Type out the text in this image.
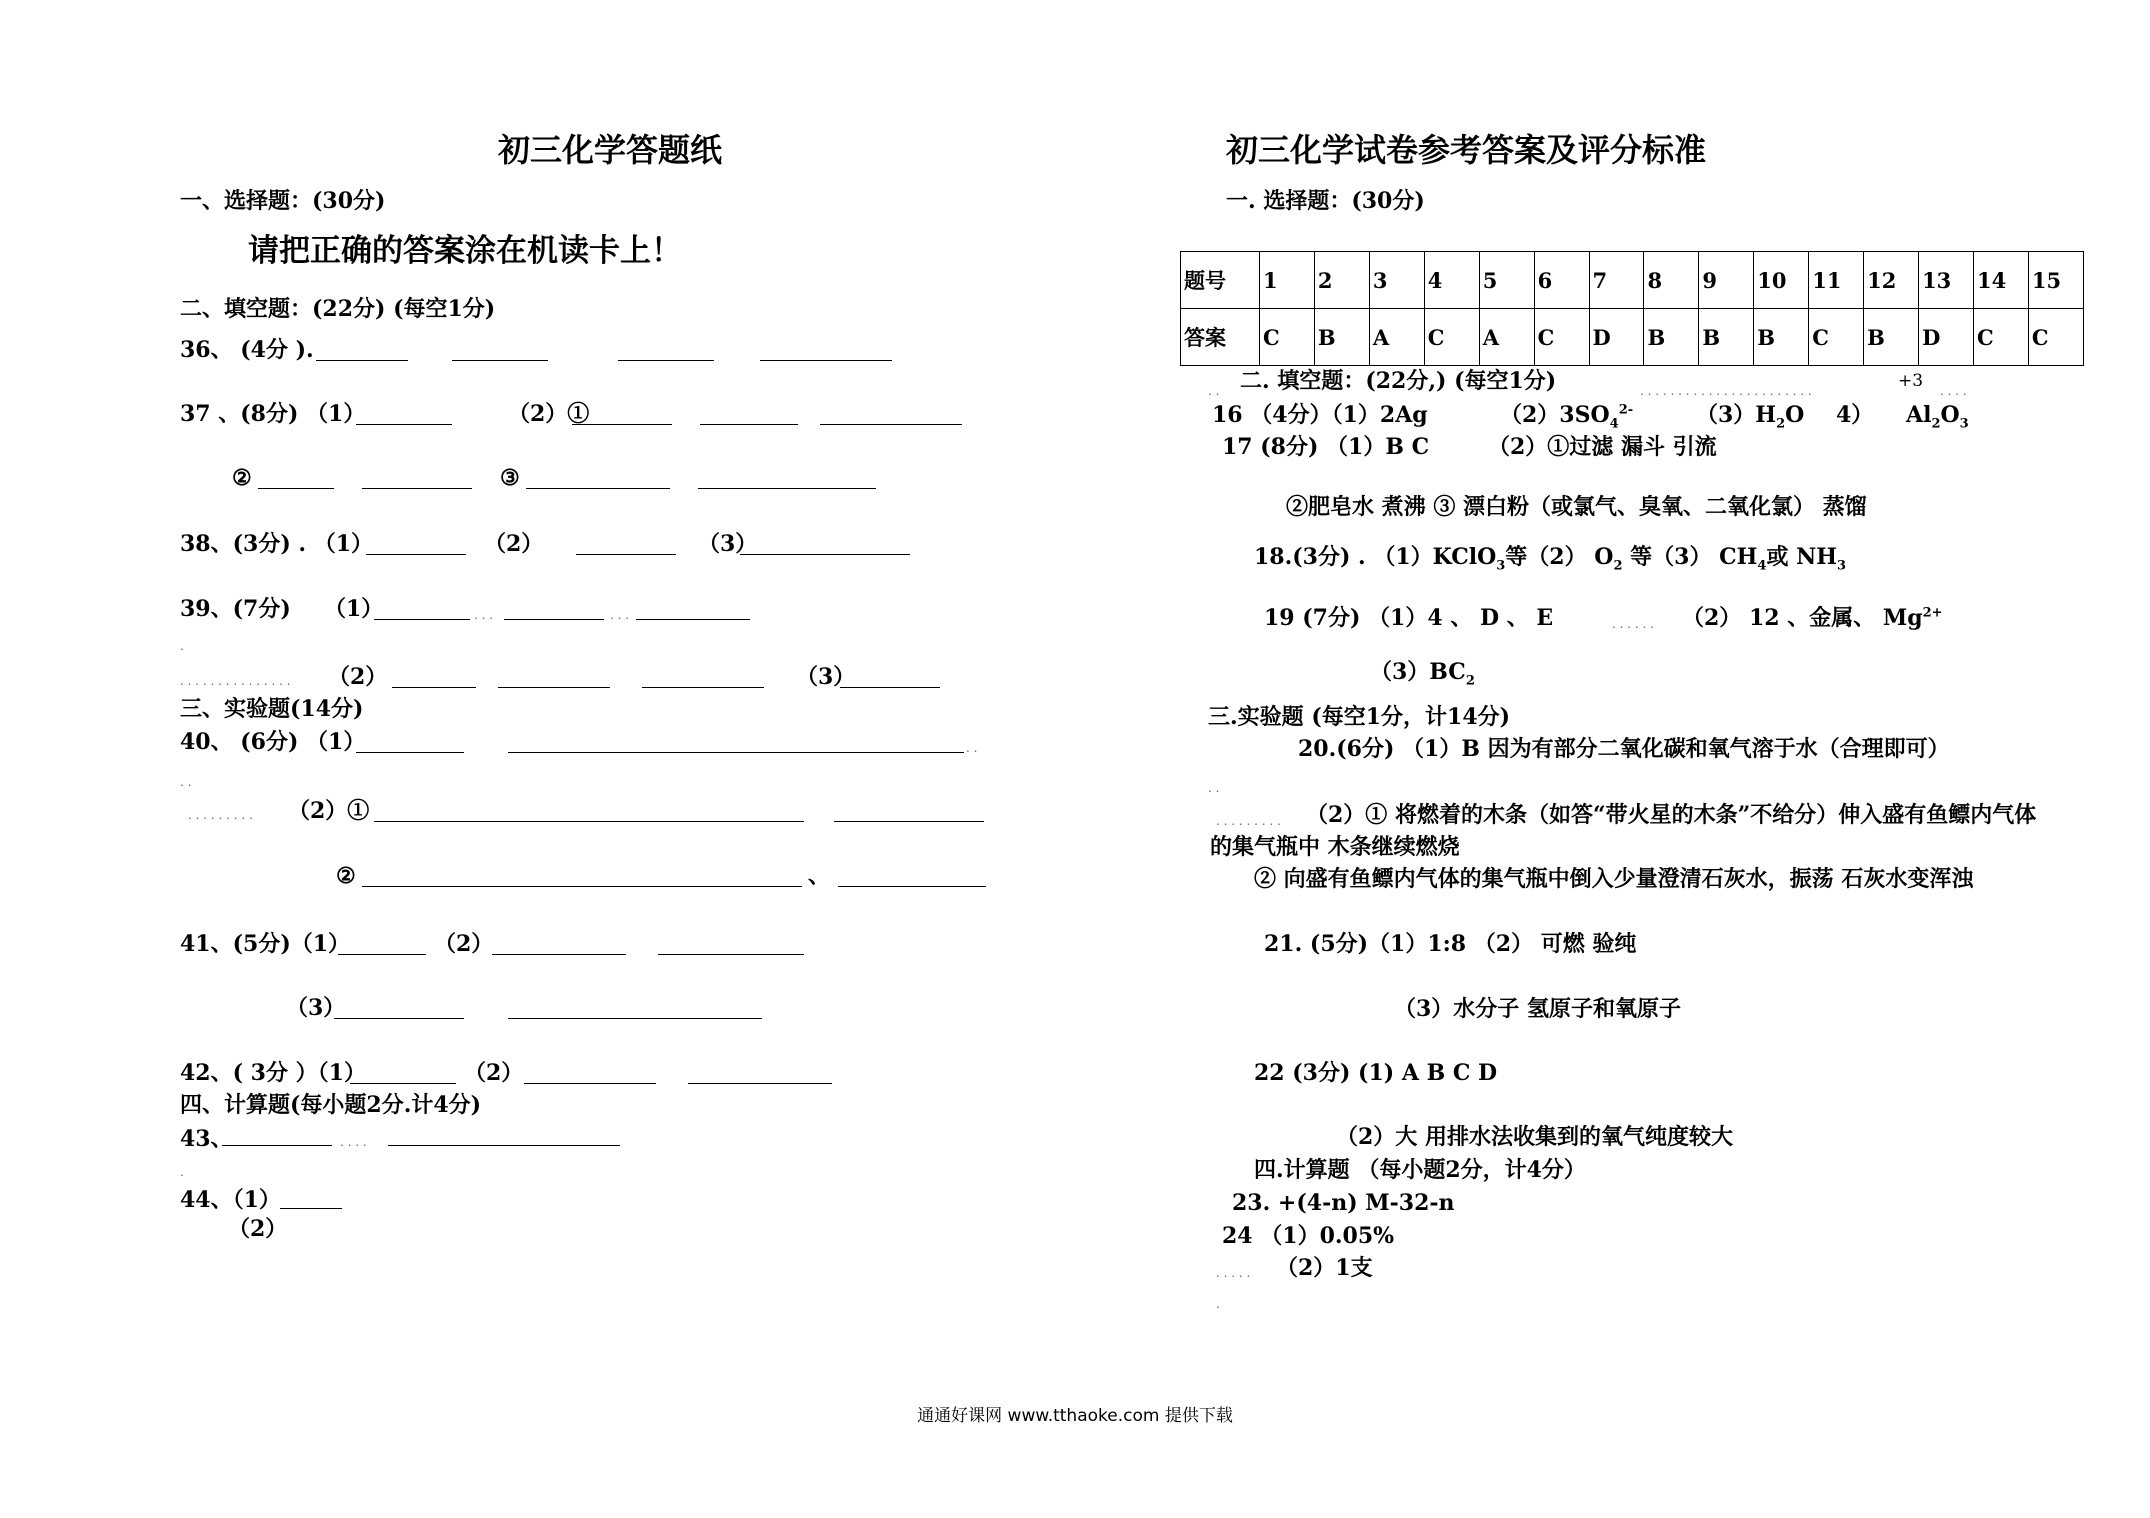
初三化学答题纸
一、选择题：(30分)
请把正确的答案涂在机读卡上！
二、填空题：(22分) (每空1分)
36、 (4分 ).
37 、(8分) （1）	（2）①
②	③
38、(3分) . （1）	（2）	（3）
39、(7分) （1）	. . .	. . .
.
. . . . . . . . . . . . . . . （2）	（3）
三、实验题(14分)
40、 (6分) （1）	. .
. .
. . . . . . . . . （2）①
②	、
41、(5分)（1）	（2）
（3）
42、( 3分 ）（1）	（2）
四、计算题(每小题2分.计4分)
43、	. . . .
.
44、（1）
（2）
初三化学试卷参考答案及评分标准
一. 选择题：(30分)
题号	1	2	3	4	5	6	7	8	9	10	11	12	13	14	15
答案	C	B	A	C	A	C	D	B	B	B	C	B	D	C	C
. . 二. 填空题：(22分,) (每空1分)	. . . . . . . . . . . . . . . . . . . . . . .	+3 . . . .
16 （4分）（1）2Ag	$(2)3SO_4^{2-}$	$(3)H_2O$ 4） $Al_2O_3$
17 (8分) （1）B C	（2）①过滤 漏斗 引流
②肥皂水 煮沸 ③ 漂白粉（或氯气、臭氧、二氧化氯） 蒸馏
18.(3分) . （1）KClO$_3$等（2） $O_2$ 等（3） $CH_4$或 $NH_3$
19 (7分) （1）4 、 D 、 E	. . . . . . （2） 12 、金属、 $Mg^{2+}$
$(3)BC_2$
三.实验题 (每空1分，计14分)
20.(6分) （1）B 因为有部分二氧化碳和氧气溶于水（合理即可）
. .
. . . . . . . . . （2）① 将燃着的木条（如答“带火星的木条”不给分）伸入盛有鱼鳔内气体
的集气瓶中 木条继续燃烧
② 向盛有鱼鳔内气体的集气瓶中倒入少量澄清石灰水，振荡 石灰水变浑浊
21. (5分)（1）1:8 （2） 可燃 验纯
（3）水分子 氢原子和氧原子
22 (3分) (1) A B C D
（2）大 用排水法收集到的氧气纯度较大
四.计算题 （每小题2分，计4分）
23. +(4-n) M-32-n
24 （1）0.05%
. . . . . （2）1支
.
通通好课网 www.tthaoke.com 提供下载
